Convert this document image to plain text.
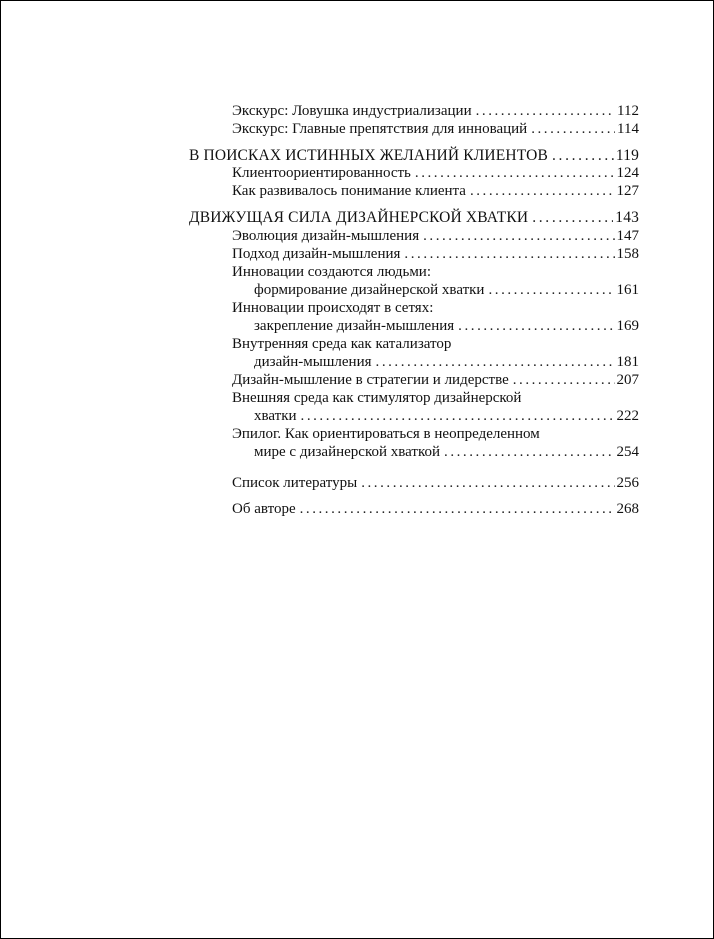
Экскурс: Ловушка индустриализации . . .	112
Экскурс: Главные препятствия для инноваций . . .	114
В ПОИСКАХ ИСТИННЫХ ЖЕЛАНИЙ КЛИЕНТОВ . . .	119
Клиентоориентированность . . .	124
Как развивалось понимание клиента . . .	127
ДВИЖУЩАЯ СИЛА ДИЗАЙНЕРСКОЙ ХВАТКИ . . .	143
Эволюция дизайн-мышления . . .	147
Подход дизайн-мышления . . .	158
Инновации создаются людьми:
формирование дизайнерской хватки . . .	161
Инновации происходят в сетях:
закрепление дизайн-мышления . . .	169
Внутренняя среда как катализатор
дизайн-мышления . . .	181
Дизайн-мышление в стратегии и лидерстве . . .	207
Внешняя среда как стимулятор дизайнерской
хватки . . .	222
Эпилог. Как ориентироваться в неопределенном
мире с дизайнерской хваткой . . .	254
Список литературы . . .	256
Об авторе . . .	268
